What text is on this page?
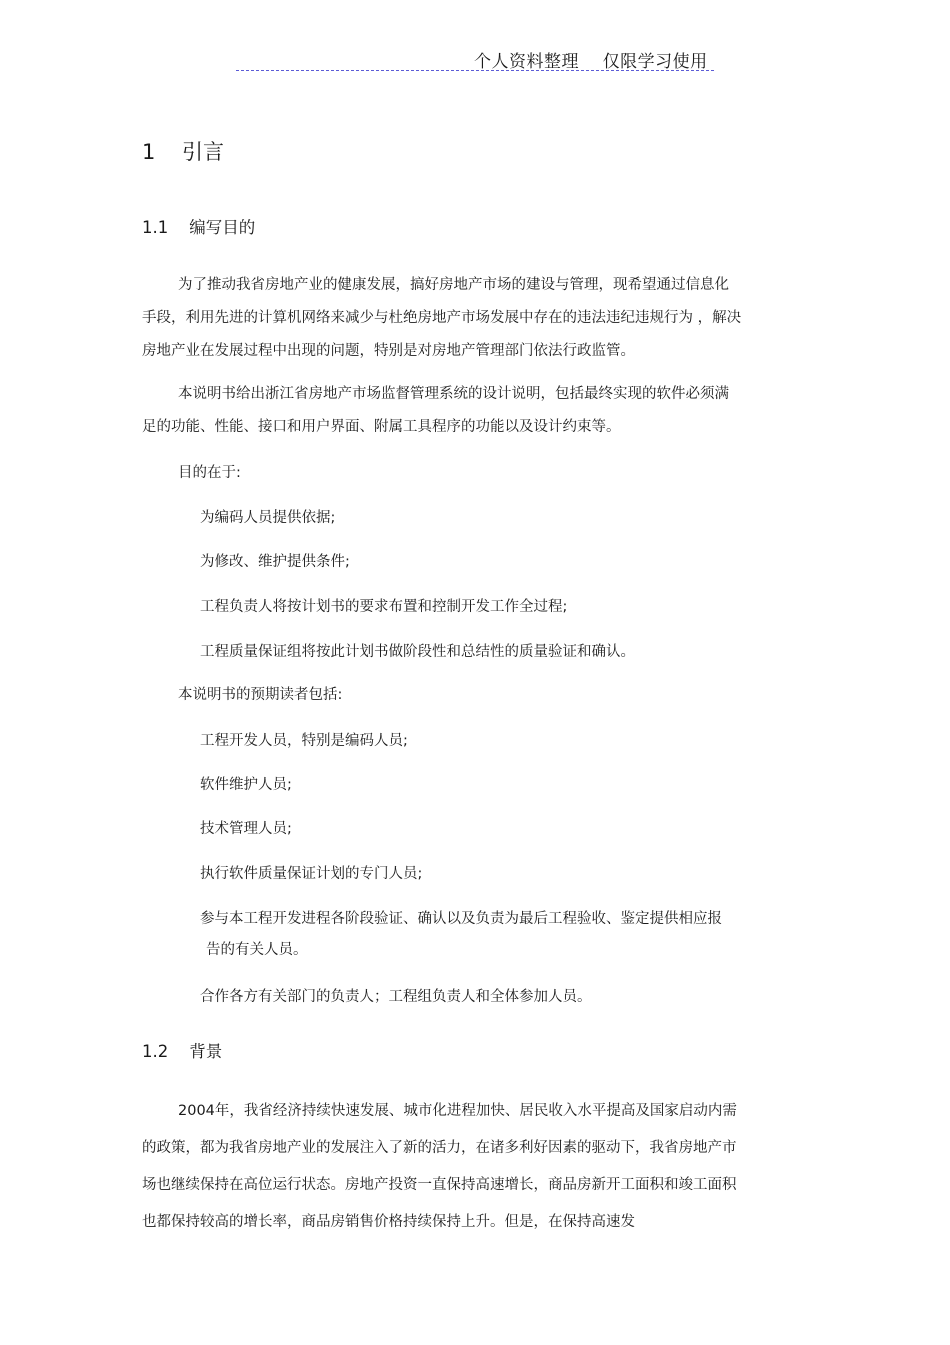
个人资料整理    仅限学习使用
1    引言
1.1    编写目的
为了推动我省房地产业的健康发展，搞好房地产市场的建设与管理，现希望通过信息化手段，利用先进的计算机网络来减少与杜绝房地产市场发展中存在的违法违纪违规行为 ，解决房地产业在发展过程中出现的问题，特别是对房地产管理部门依法行政监管。
本说明书给出浙江省房地产市场监督管理系统的设计说明，包括最终实现的软件必须满足的功能、性能、接口和用户界面、附属工具程序的功能以及设计约束等。
目的在于:
为编码人员提供依据;
为修改、维护提供条件;
工程负责人将按计划书的要求布置和控制开发工作全过程;
工程质量保证组将按此计划书做阶段性和总结性的质量验证和确认。
本说明书的预期读者包括:
工程开发人员，特别是编码人员;
软件维护人员;
技术管理人员;
执行软件质量保证计划的专门人员;
参与本工程开发进程各阶段验证、确认以及负责为最后工程验收、鉴定提供相应报
告的有关人员。
合作各方有关部门的负责人；工程组负责人和全体参加人员。
1.2    背景
2004年，我省经济持续快速发展、城市化进程加快、居民收入水平提高及国家启动内需的政策，都为我省房地产业的发展注入了新的活力，在诸多利好因素的驱动下，我省房地产市场也继续保持在高位运行状态。房地产投资一直保持高速增长，商品房新开工面积和竣工面积也都保持较高的增长率，商品房销售价格持续保持上升。但是，在保持高速发
